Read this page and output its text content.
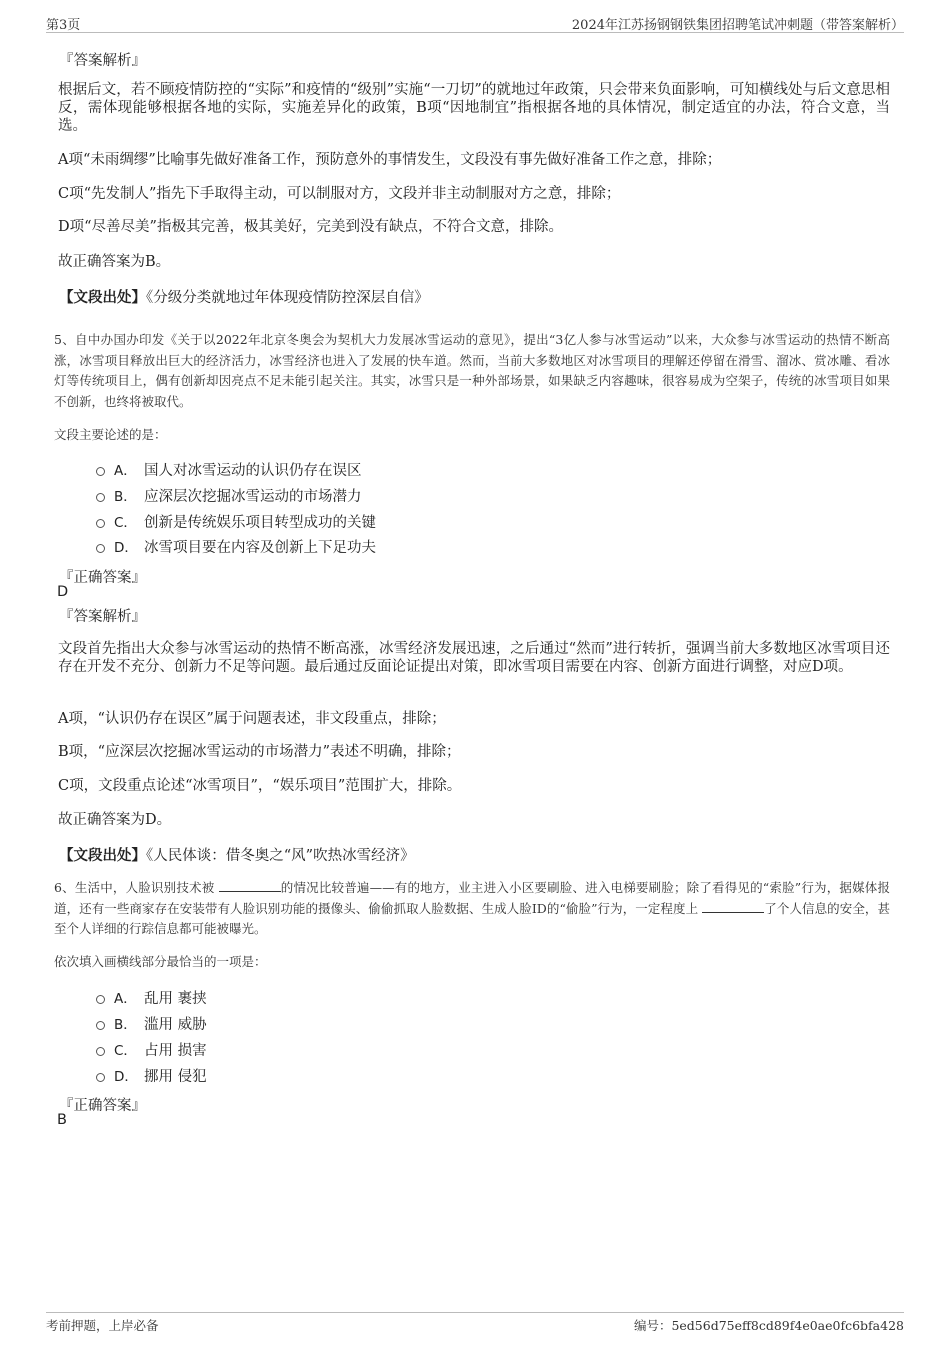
第3页	2024年江苏扬钢钢铁集团招聘笔试冲刺题（带答案解析）
『答案解析』
根据后文，若不顾疫情防控的“实际”和疫情的“级别”实施“一刀切”的就地过年政策，只会带来负面影响，可知横线处与后文意思相反，需体现能够根据各地的实际，实施差异化的政策，B项“因地制宜”指根据各地的具体情况，制定适宜的办法，符合文意，当选。
A项“未雨绸缪”比喻事先做好准备工作，预防意外的事情发生，文段没有事先做好准备工作之意，排除；
C项“先发制人”指先下手取得主动，可以制服对方，文段并非主动制服对方之意，排除；
D项“尽善尽美”指极其完善，极其美好，完美到没有缺点，不符合文意，排除。
故正确答案为B。
【文段出处】《分级分类就地过年体现疫情防控深层自信》
5、自中办国办印发《关于以2022年北京冬奥会为契机大力发展冰雪运动的意见》，提出“3亿人参与冰雪运动”以来，大众参与冰雪运动的热情不断高涨，冰雪项目释放出巨大的经济活力，冰雪经济也进入了发展的快车道。然而，当前大多数地区对冰雪项目的理解还停留在滑雪、溜冰、赏冰雕、看冰灯等传统项目上，偶有创新却因亮点不足未能引起关注。其实，冰雪只是一种外部场景，如果缺乏内容趣味，很容易成为空架子，传统的冰雪项目如果不创新，也终将被取代。
文段主要论述的是：
A． 国人对冰雪运动的认识仍存在误区
B． 应深层次挖掘冰雪运动的市场潜力
C． 创新是传统娱乐项目转型成功的关键
D． 冰雪项目要在内容及创新上下足功夫
『正确答案』
D
『答案解析』
文段首先指出大众参与冰雪运动的热情不断高涨，冰雪经济发展迅速，之后通过“然而”进行转折，强调当前大多数地区冰雪项目还存在开发不充分、创新力不足等问题。最后通过反面论证提出对策，即冰雪项目需要在内容、创新方面进行调整，对应D项。
A项，“认识仍存在误区”属于问题表述，非文段重点，排除；
B项，“应深层次挖掘冰雪运动的市场潜力”表述不明确，排除；
C项，文段重点论述“冰雪项目”，“娱乐项目”范围扩大，排除。
故正确答案为D。
【文段出处】《人民体谈：借冬奥之“风”吹热冰雪经济》
6、生活中，人脸识别技术被	的情况比较普遍——有的地方，业主进入小区要刷脸、进入电梯要刷脸；除了看得见的“索脸”行为，据媒体报道，还有一些商家存在安装带有人脸识别功能的摄像头、偷偷抓取人脸数据、生成人脸ID的“偷脸”行为，一定程度上	了个人信息的安全，甚至个人详细的行踪信息都可能被曝光。
依次填入画横线部分最恰当的一项是：
A． 乱用 裹挟
B． 滥用 威胁
C． 占用 损害
D． 挪用 侵犯
『正确答案』
B
考前押题，上岸必备	编号：5ed56d75eff8cd89f4e0ae0fc6bfa428
